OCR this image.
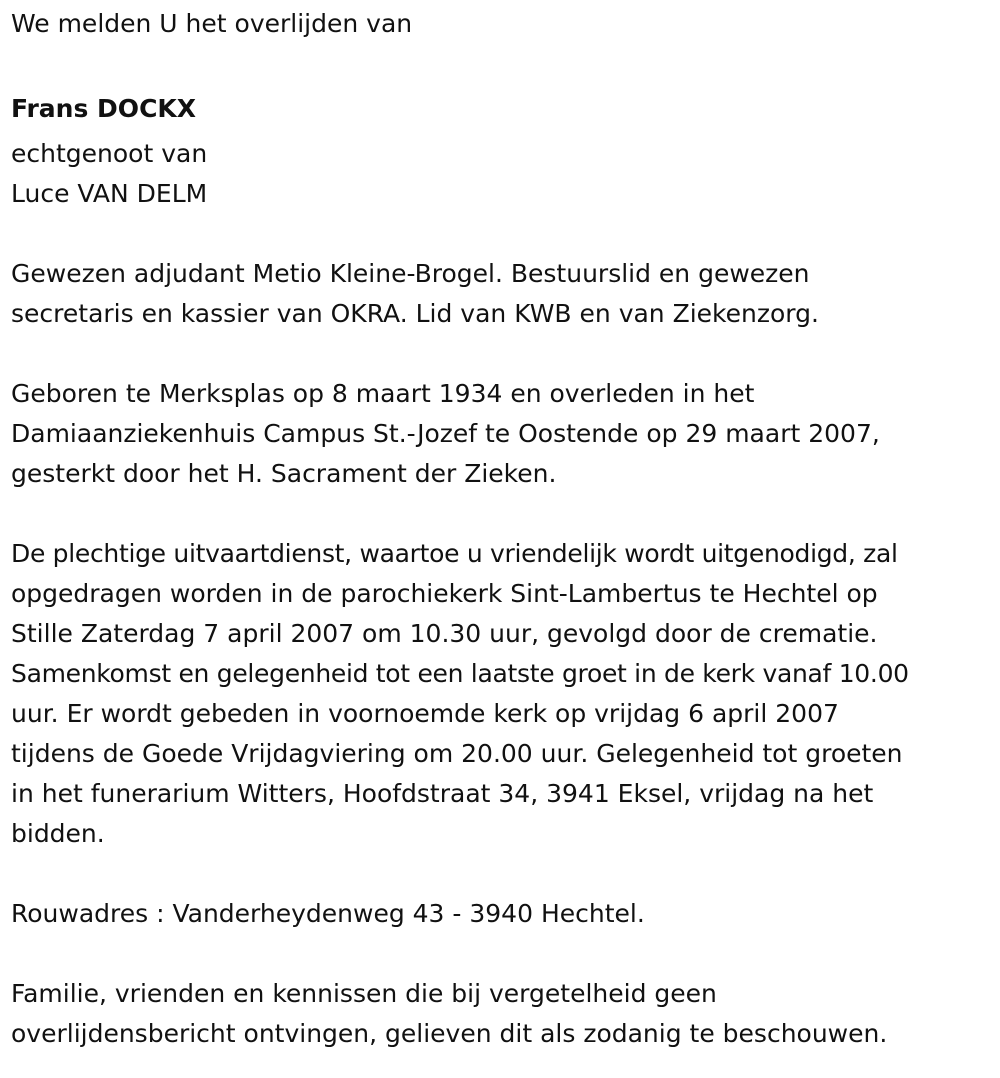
We melden U het overlijden van
Frans DOCKX
echtgenoot van
Luce VAN DELM
Gewezen adjudant Metio Kleine-Brogel. Bestuurslid en gewezen
secretaris en kassier van OKRA. Lid van KWB en van Ziekenzorg.
Geboren te Merksplas op 8 maart 1934 en overleden in het
Damiaanziekenhuis Campus St.-Jozef te Oostende op 29 maart 2007,
gesterkt door het H. Sacrament der Zieken.
De plechtige uitvaartdienst, waartoe u vriendelijk wordt uitgenodigd, zal
opgedragen worden in de parochiekerk Sint-Lambertus te Hechtel op
Stille Zaterdag 7 april 2007 om 10.30 uur, gevolgd door de crematie.
Samenkomst en gelegenheid tot een laatste groet in de kerk vanaf 10.00
uur. Er wordt gebeden in voornoemde kerk op vrijdag 6 april 2007
tijdens de Goede Vrijdagviering om 20.00 uur. Gelegenheid tot groeten
in het funerarium Witters, Hoofdstraat 34, 3941 Eksel, vrijdag na het
bidden.
Rouwadres : Vanderheydenweg 43 - 3940 Hechtel.
Familie, vrienden en kennissen die bij vergetelheid geen
overlijdensbericht ontvingen, gelieven dit als zodanig te beschouwen.
